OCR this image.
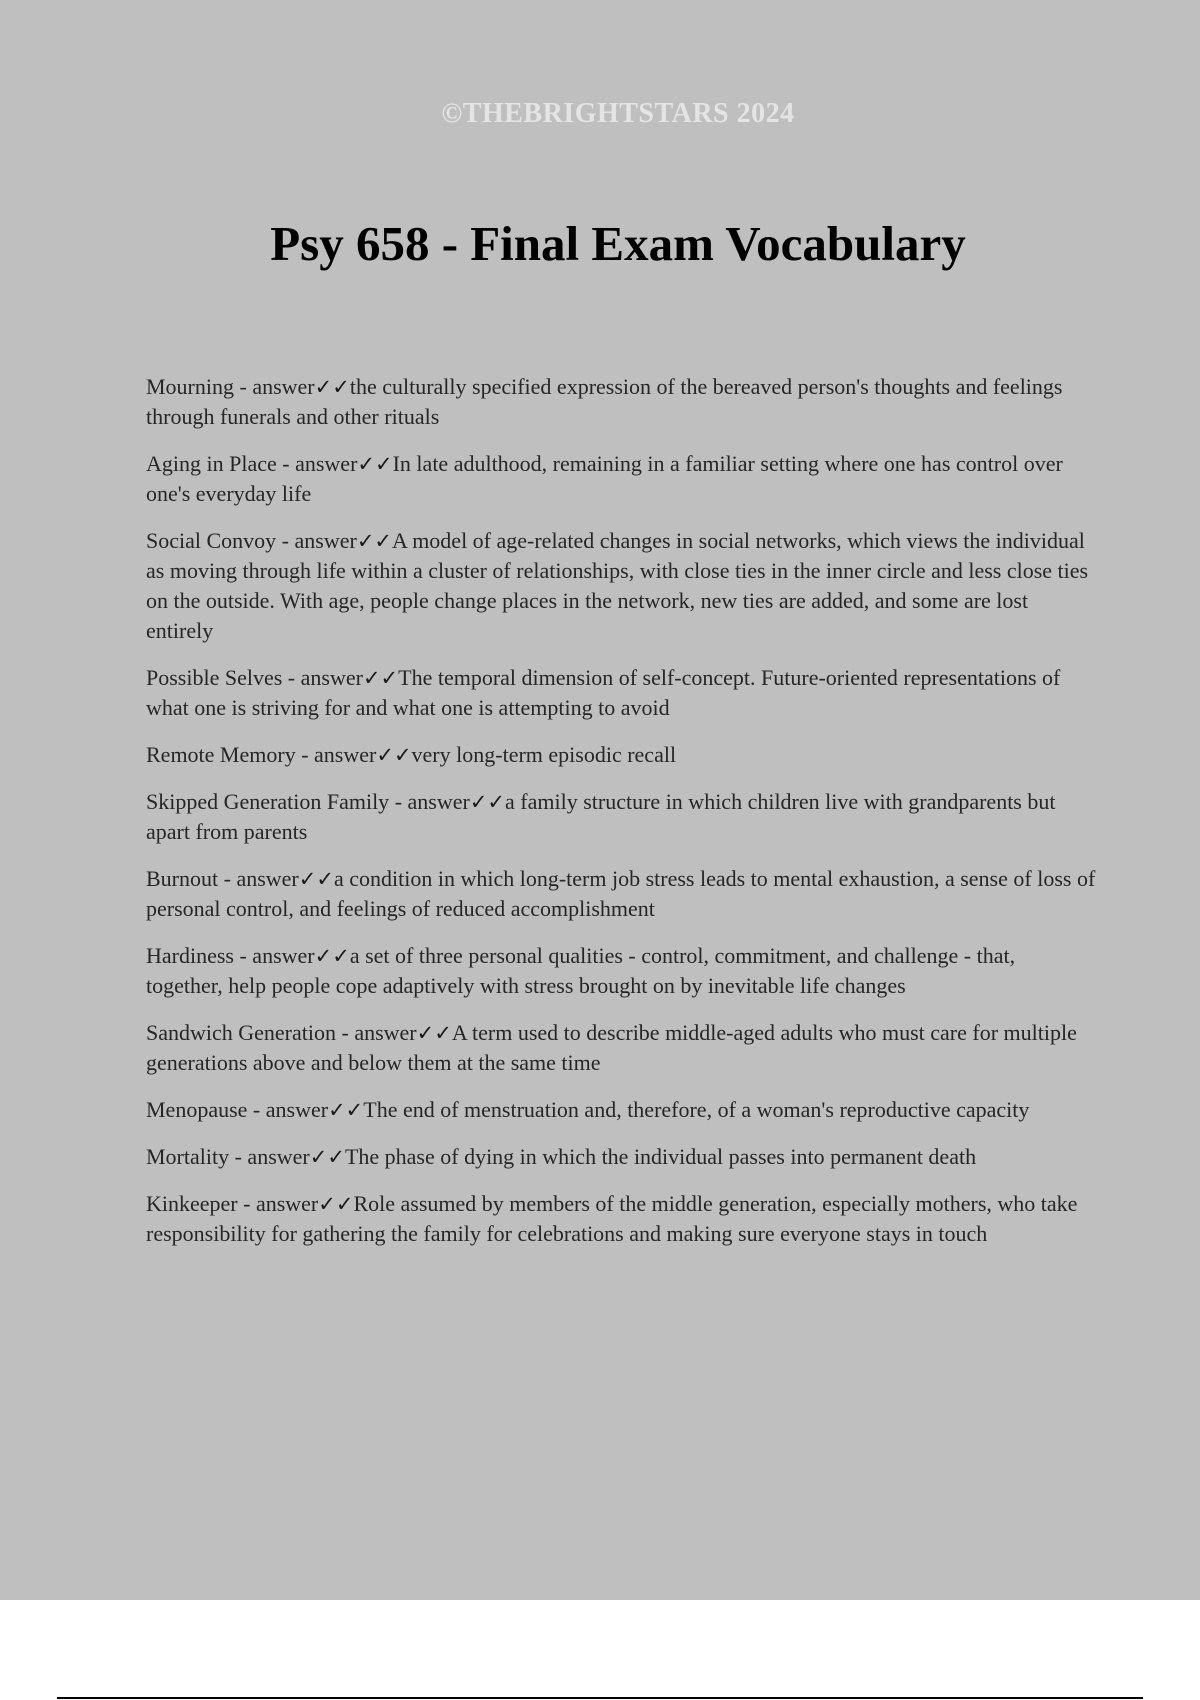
©THEBRIGHTSTARS 2024
Psy 658 - Final Exam Vocabulary

Mourning - answer✓✓the culturally specified expression of the bereaved person's thoughts and feelings through funerals and other rituals

Aging in Place - answer✓✓In late adulthood, remaining in a familiar setting where one has control over one's everyday life

Social Convoy - answer✓✓A model of age-related changes in social networks, which views the individual as moving through life within a cluster of relationships, with close ties in the inner circle and less close ties on the outside. With age, people change places in the network, new ties are added, and some are lost entirely

Possible Selves - answer✓✓The temporal dimension of self-concept. Future-oriented representations of what one is striving for and what one is attempting to avoid

Remote Memory - answer✓✓very long-term episodic recall

Skipped Generation Family - answer✓✓a family structure in which children live with grandparents but apart from parents

Burnout - answer✓✓a condition in which long-term job stress leads to mental exhaustion, a sense of loss of personal control, and feelings of reduced accomplishment

Hardiness - answer✓✓a set of three personal qualities - control, commitment, and challenge - that, together, help people cope adaptively with stress brought on by inevitable life changes

Sandwich Generation - answer✓✓A term used to describe middle-aged adults who must care for multiple generations above and below them at the same time

Menopause - answer✓✓The end of menstruation and, therefore, of a woman's reproductive capacity

Mortality - answer✓✓The phase of dying in which the individual passes into permanent death

Kinkeeper - answer✓✓Role assumed by members of the middle generation, especially mothers, who take responsibility for gathering the family for celebrations and making sure everyone stays in touch
